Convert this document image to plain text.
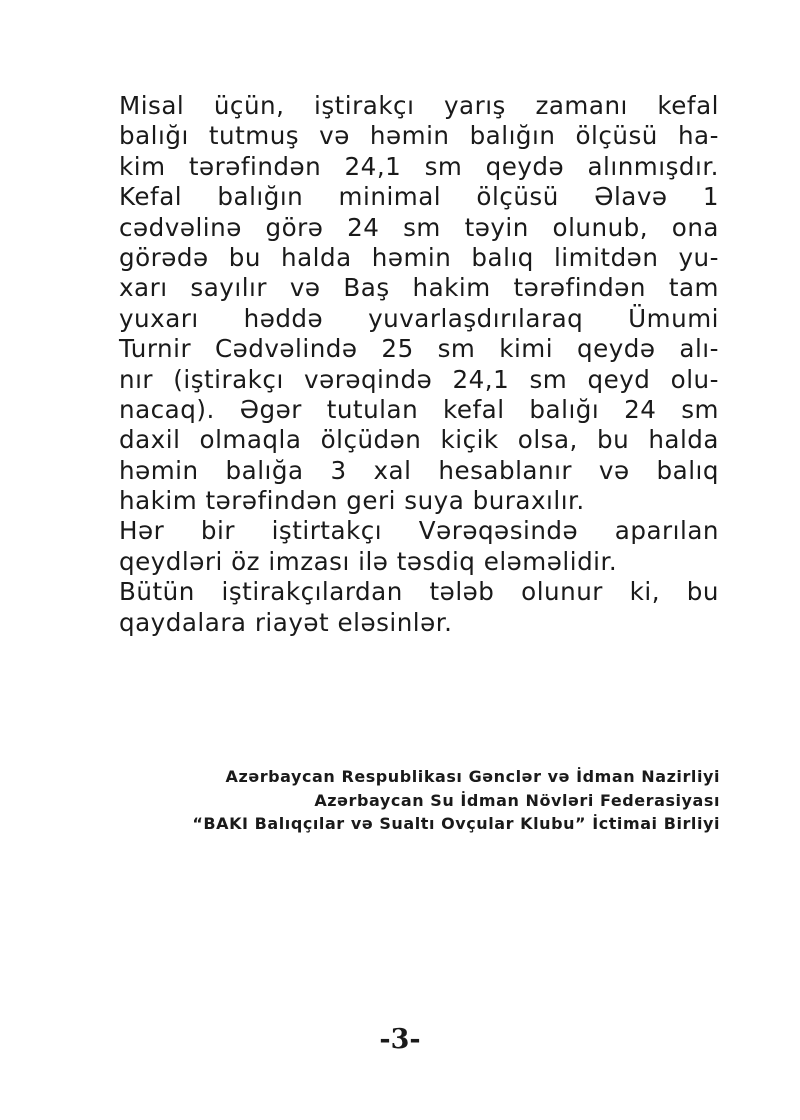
Misal üçün, iştirakçı yarış zamanı kefal
balığı tutmuş və həmin balığın ölçüsü ha-
kim tərəfindən 24,1 sm qeydə alınmışdır.
Kefal balığın minimal ölçüsü Əlavə 1
cədvəlinə görə 24 sm təyin olunub, ona
görədə bu halda həmin balıq limitdən yu-
xarı sayılır və Baş hakim tərəfindən tam
yuxarı həddə yuvarlaşdırılaraq Ümumi
Turnir Cədvəlində 25 sm kimi qeydə alı-
nır (iştirakçı vərəqində 24,1 sm qeyd olu-
nacaq). Əgər tutulan kefal balığı 24 sm
daxil olmaqla ölçüdən kiçik olsa, bu halda
həmin balığa 3 xal hesablanır və balıq
hakim tərəfindən geri suya buraxılır.
Hər bir iştirtakçı Vərəqəsində aparılan
qeydləri öz imzası ilə təsdiq eləməlidir.
Bütün iştirakçılardan tələb olunur ki, bu
qaydalara riayət eləsinlər.
Azərbaycan Respublikası Gənclər və İdman Nazirliyi
Azərbaycan Su İdman Növləri Federasiyası
“BAKI Balıqçılar və Sualtı Ovçular Klubu” İctimai Birliyi
-3-
